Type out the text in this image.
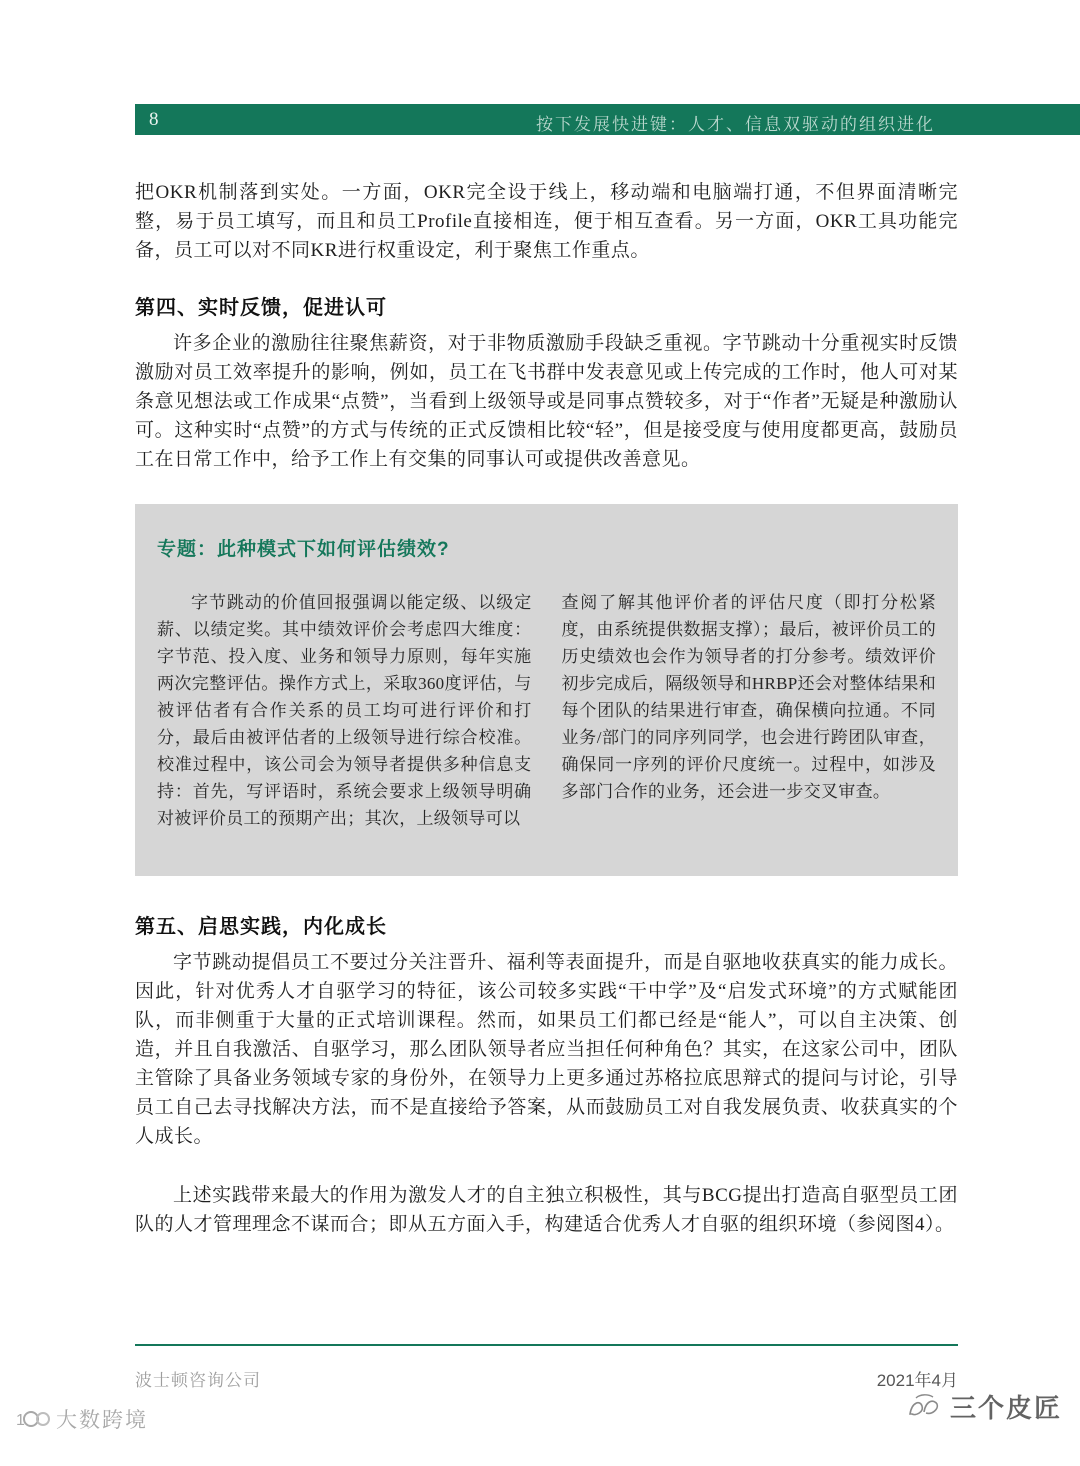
8	按下发展快进键：人才、信息双驱动的组织进化

把OKR机制落到实处。一方面，OKR完全设于线上，移动端和电脑端打通，不但界面清晰完整，易于员工填写，而且和员工Profile直接相连，便于相互查看。另一方面，OKR工具功能完备，员工可以对不同KR进行权重设定，利于聚焦工作重点。

第四、实时反馈，促进认可

许多企业的激励往往聚焦薪资，对于非物质激励手段缺乏重视。字节跳动十分重视实时反馈激励对员工效率提升的影响，例如，员工在飞书群中发表意见或上传完成的工作时，他人可对某条意见想法或工作成果“点赞”，当看到上级领导或是同事点赞较多，对于“作者”无疑是种激励认可。这种实时“点赞”的方式与传统的正式反馈相比较“轻”，但是接受度与使用度都更高，鼓励员工在日常工作中，给予工作上有交集的同事认可或提供改善意见。

专题：此种模式下如何评估绩效?
字节跳动的价值回报强调以能定级、以级定薪、以绩定奖。其中绩效评价会考虑四大维度：字节范、投入度、业务和领导力原则，每年实施两次完整评估。操作方式上，采取360度评估，与被评估者有合作关系的员工均可进行评价和打分，最后由被评估者的上级领导进行综合校准。校准过程中，该公司会为领导者提供多种信息支持：首先，写评语时，系统会要求上级领导明确对被评价员工的预期产出；其次，上级领导可以
查阅了解其他评价者的评估尺度（即打分松紧度，由系统提供数据支撑）；最后，被评价员工的历史绩效也会作为领导者的打分参考。绩效评价初步完成后，隔级领导和HRBP还会对整体结果和每个团队的结果进行审查，确保横向拉通。不同业务/部门的同序列同学，也会进行跨团队审查，确保同一序列的评价尺度统一。过程中，如涉及多部门合作的业务，还会进一步交叉审查。
第五、启思实践，内化成长

字节跳动提倡员工不要过分关注晋升、福利等表面提升，而是自驱地收获真实的能力成长。因此，针对优秀人才自驱学习的特征，该公司较多实践“干中学”及“启发式环境”的方式赋能团队，而非侧重于大量的正式培训课程。然而，如果员工们都已经是“能人”，可以自主决策、创造，并且自我激活、自驱学习，那么团队领导者应当担任何种角色？其实，在这家公司中，团队主管除了具备业务领域专家的身份外，在领导力上更多通过苏格拉底思辩式的提问与讨论，引导员工自己去寻找解决方法，而不是直接给予答案，从而鼓励员工对自我发展负责、收获真实的个人成长。

上述实践带来最大的作用为激发人才的自主独立积极性，其与BCG提出打造高自驱型员工团队的人才管理理念不谋而合；即从五方面入手，构建适合优秀人才自驱的组织环境（参阅图4）。

波士顿咨询公司	2021年4月
1 大数跨境	三个皮匠
